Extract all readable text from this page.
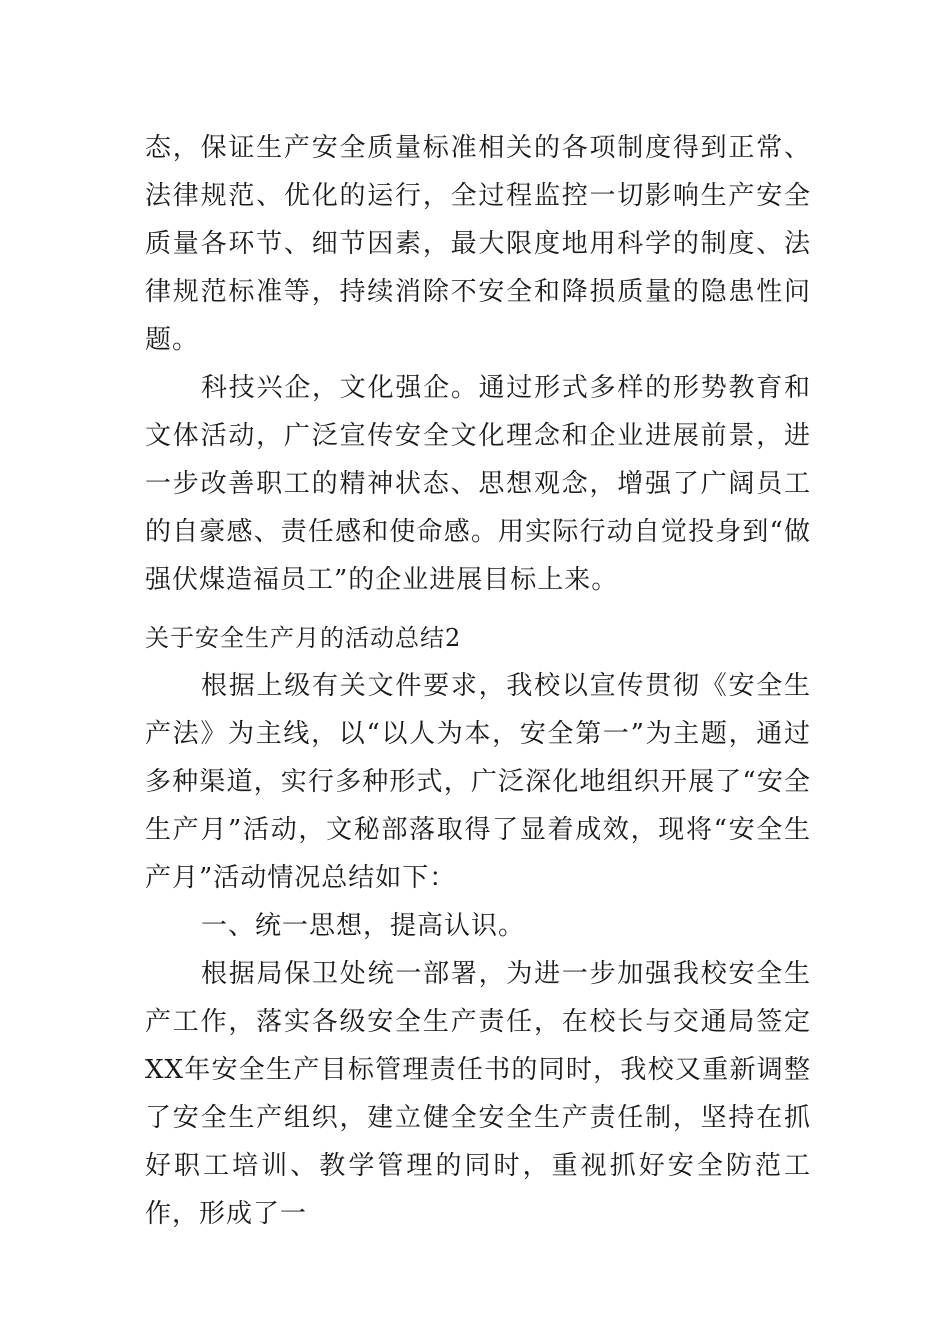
态，保证生产安全质量标准相关的各项制度得到正常、法律规范、优化的运行，全过程监控一切影响生产安全质量各环节、细节因素，最大限度地用科学的制度、法律规范标准等，持续消除不安全和降损质量的隐患性问题。

科技兴企，文化强企。通过形式多样的形势教育和文体活动，广泛宣传安全文化理念和企业进展前景，进一步改善职工的精神状态、思想观念，增强了广阔员工的自豪感、责任感和使命感。用实际行动自觉投身到“做强伏煤造福员工”的企业进展目标上来。

关于安全生产月的活动总结2

根据上级有关文件要求，我校以宣传贯彻《安全生产法》为主线，以“以人为本，安全第一”为主题，通过多种渠道，实行多种形式，广泛深化地组织开展了“安全生产月”活动，文秘部落取得了显着成效，现将“安全生产月”活动情况总结如下：

一、统一思想，提高认识。

根据局保卫处统一部署，为进一步加强我校安全生产工作，落实各级安全生产责任，在校长与交通局签定XX年安全生产目标管理责任书的同时，我校又重新调整了安全生产组织，建立健全安全生产责任制，坚持在抓好职工培训、教学管理的同时，重视抓好安全防范工作，形成了一
